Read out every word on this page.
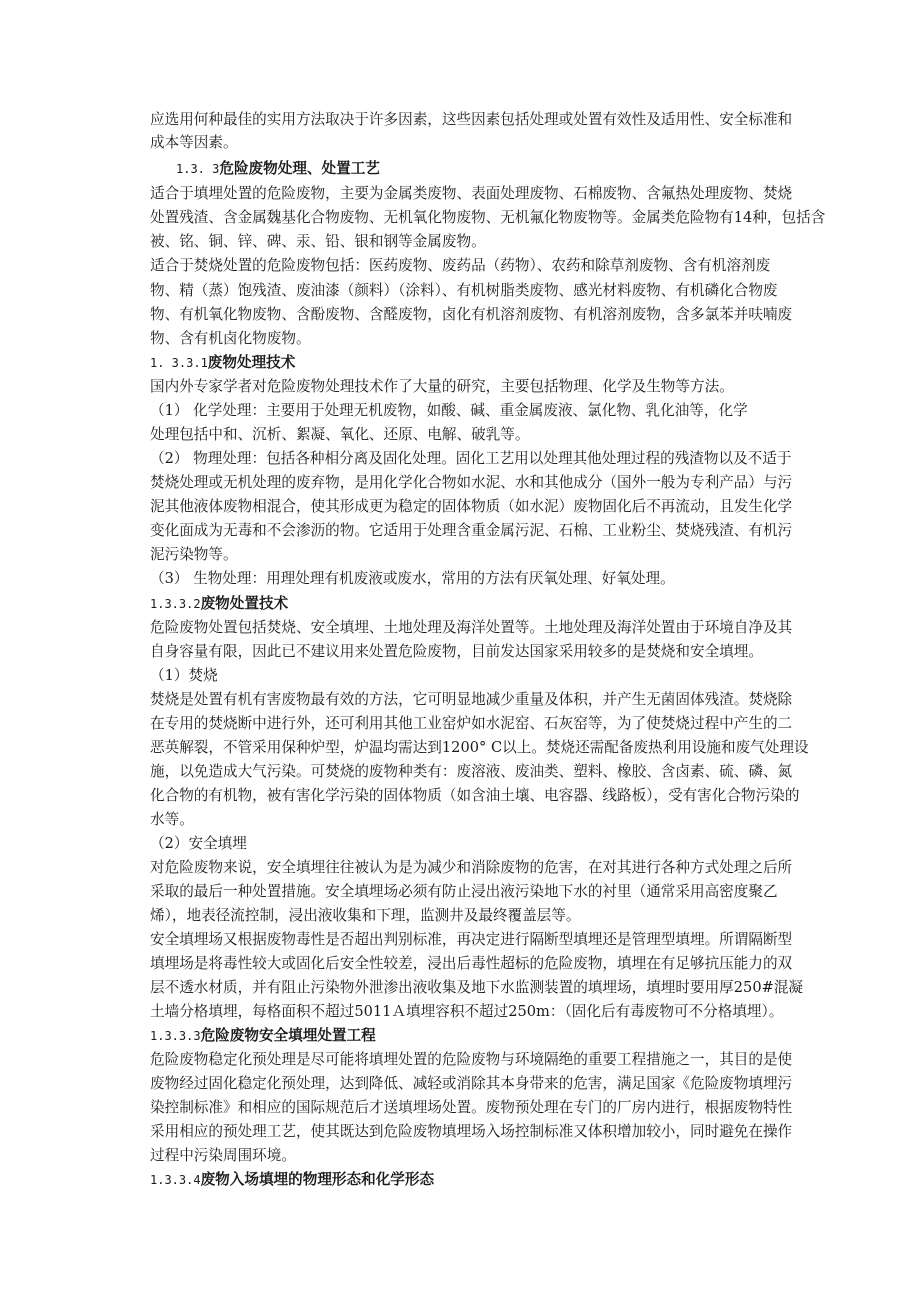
应选用何种最佳的实用方法取决于许多因素，这些因素包括处理或处置有效性及适用性、安全标准和
成本等因素。
1.3. 3危险废物处理、处置工艺
适合于填埋处置的危险废物，主要为金属类废物、表面处理废物、石棉废物、含氟热处理废物、焚烧
处置残渣、含金属魏基化合物废物、无机氧化物废物、无机氟化物废物等。金属类危险物有14种，包括含
被、铭、铜、锌、碑、汞、铅、银和钢等金属废物。
适合于焚烧处置的危险废物包括：医药废物、废药品（药物）、农药和除草剂废物、含有机溶剂废
物、精（蒸）饱残渣、废油漆（颜料）（涂料）、有机树脂类废物、感光材料废物、有机磷化合物废
物、有机氧化物废物、含酚废物、含醛废物，卤化有机溶剂废物、有机溶剂废物，含多氯苯并呋喃废
物、含有机卤化物废物。
1. 3.3.1废物处理技术
国内外专家学者对危险废物处理技术作了大量的研究，主要包括物理、化学及生物等方法。
（1） 化学处理：主要用于处理无机废物，如酸、碱、重金属废液、氯化物、乳化油等，化学
处理包括中和、沉析、絮凝、氧化、还原、电解、破乳等。
（2） 物理处理：包括各种相分离及固化处理。固化工艺用以处理其他处理过程的残渣物以及不适于
焚烧处理或无机处理的废弃物，是用化学化合物如水泥、水和其他成分（国外一般为专利产品）与污
泥其他液体废物相混合，使其形成更为稳定的固体物质（如水泥）废物固化后不再流动，且发生化学
变化面成为无毒和不会渗沥的物。它适用于处理含重金属污泥、石棉、工业粉尘、焚烧残渣、有机污
泥污染物等。
（3） 生物处理：用理处理有机废液或废水，常用的方法有厌氧处理、好氧处理。
1.3.3.2废物处置技术
危险废物处置包括焚烧、安全填埋、土地处理及海洋处置等。土地处理及海洋处置由于环境自净及其
自身容量有限，因此已不建议用来处置危险废物，目前发达国家采用较多的是焚烧和安全填埋。
（1）焚烧
焚烧是处置有机有害废物最有效的方法，它可明显地减少重量及体积，并产生无菌固体残渣。焚烧除
在专用的焚烧断中进行外，还可利用其他工业窑炉如水泥窑、石灰窑等，为了使焚烧过程中产生的二
恶英解裂，不管采用保种炉型，炉温均需达到1200° C以上。焚烧还需配备废热利用设施和废气处理设
施，以免造成大气污染。可焚烧的废物种类有：废溶液、废油类、塑料、橡胶、含卤素、硫、磷、氮
化合物的有机物，被有害化学污染的固体物质（如含油土壤、电容器、线路板），受有害化合物污染的
水等。
（2）安全填埋
对危险废物来说，安全填埋往往被认为是为减少和消除废物的危害，在对其进行各种方式处理之后所
采取的最后一种处置措施。安全填埋场必须有防止浸出液污染地下水的衬里（通常采用高密度聚乙
烯），地表径流控制，浸出液收集和下理，监测井及最终覆盖层等。
安全填埋场又根据废物毒性是否超出判别标准，再决定进行隔断型填埋还是管理型填埋。所谓隔断型
填埋场是将毒性较大或固化后安全性较差，浸出后毒性超标的危险废物，填埋在有足够抗压能力的双
层不透水材质，并有阻止污染物外泄渗出液收集及地下水监测装置的填埋场，填埋时要用厚250#混凝
土墙分格填埋，每格面积不超过5011Ａ填埋容积不超过250m：（固化后有毒废物可不分格填埋）。
1.3.3.3危险废物安全填埋处置工程
危险废物稳定化预处理是尽可能将填埋处置的危险废物与环境隔绝的重要工程措施之一，其目的是使
废物经过固化稳定化预处理，达到降低、减轻或消除其本身带来的危害，满足国家《危险废物填埋污
染控制标准》和相应的国际规范后才送填埋场处置。废物预处理在专门的厂房内进行，根据废物特性
采用相应的预处理工艺，使其既达到危险废物填埋场入场控制标准又体积增加较小，同时避免在操作
过程中污染周围环境。
1.3.3.4废物入场填埋的物理形态和化学形态
